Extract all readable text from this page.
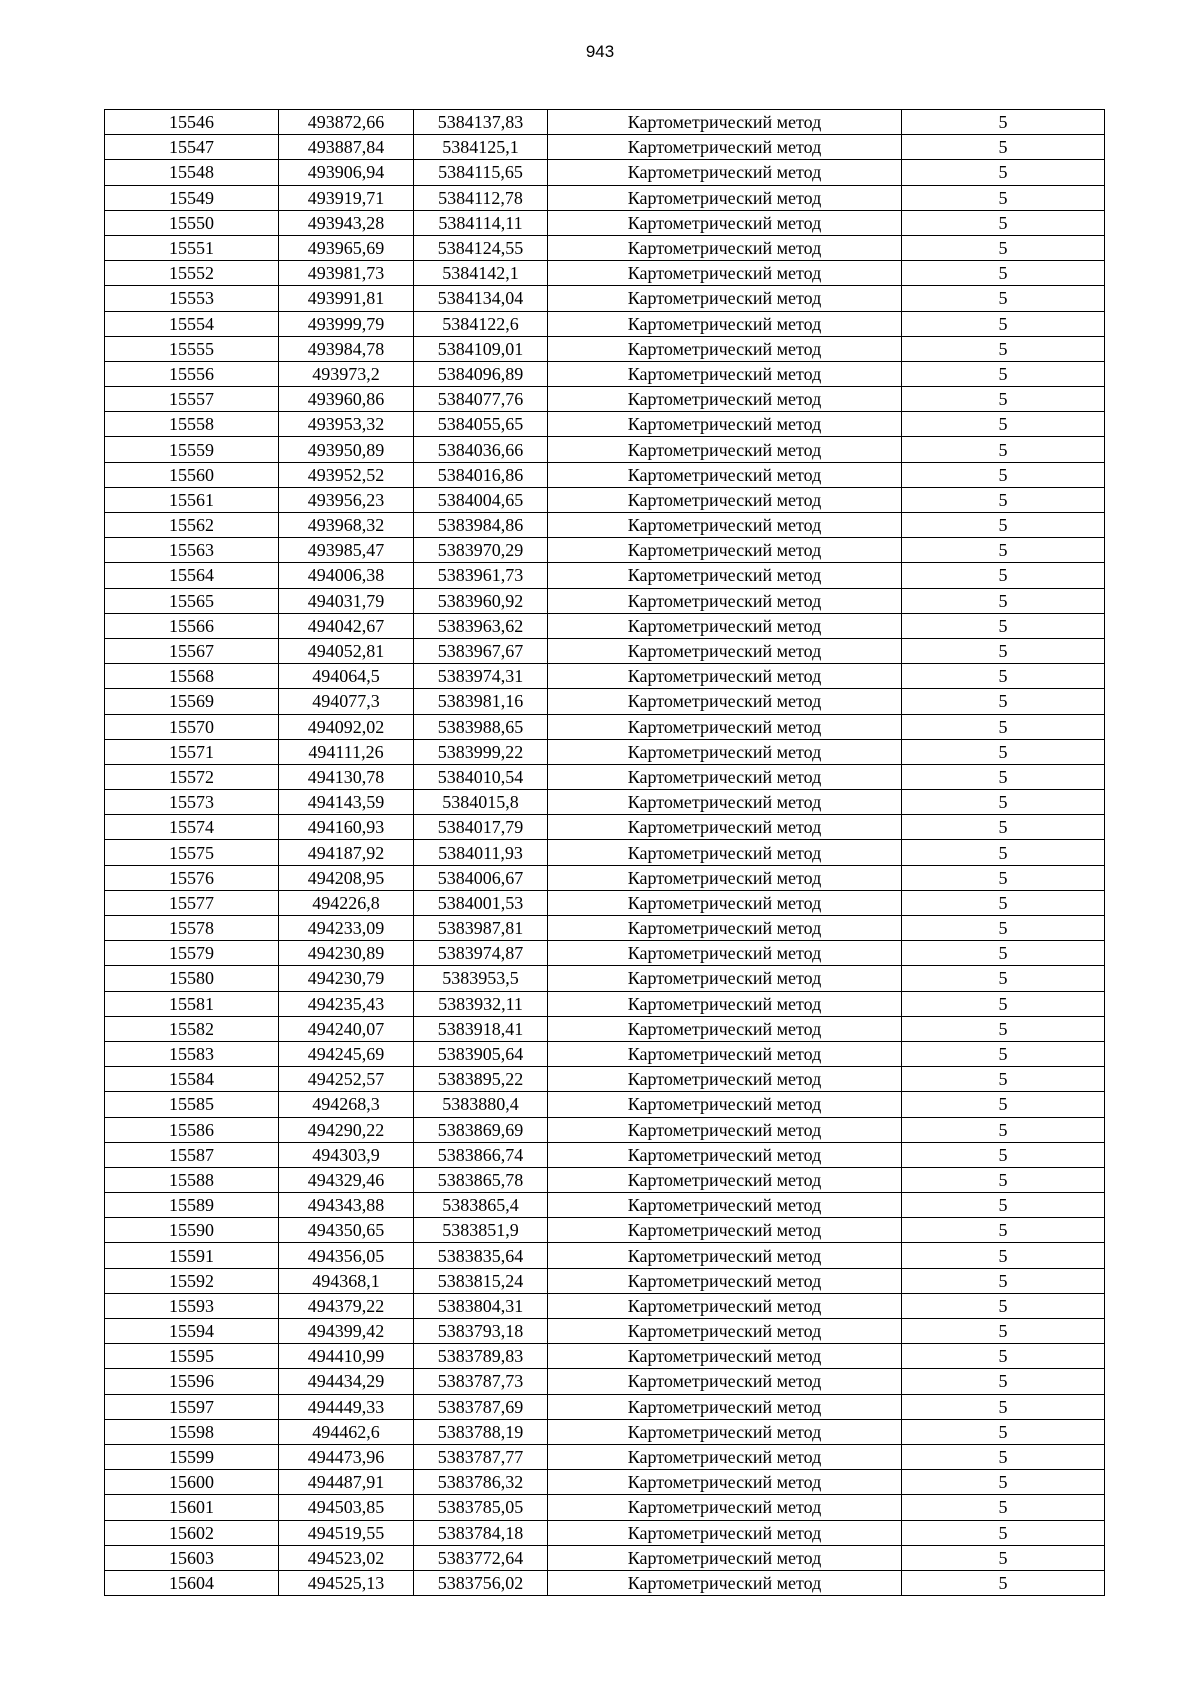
943
15546	493872,66	5384137,83	Картометрический метод	5
15547	493887,84	5384125,1	Картометрический метод	5
15548	493906,94	5384115,65	Картометрический метод	5
15549	493919,71	5384112,78	Картометрический метод	5
15550	493943,28	5384114,11	Картометрический метод	5
15551	493965,69	5384124,55	Картометрический метод	5
15552	493981,73	5384142,1	Картометрический метод	5
15553	493991,81	5384134,04	Картометрический метод	5
15554	493999,79	5384122,6	Картометрический метод	5
15555	493984,78	5384109,01	Картометрический метод	5
15556	493973,2	5384096,89	Картометрический метод	5
15557	493960,86	5384077,76	Картометрический метод	5
15558	493953,32	5384055,65	Картометрический метод	5
15559	493950,89	5384036,66	Картометрический метод	5
15560	493952,52	5384016,86	Картометрический метод	5
15561	493956,23	5384004,65	Картометрический метод	5
15562	493968,32	5383984,86	Картометрический метод	5
15563	493985,47	5383970,29	Картометрический метод	5
15564	494006,38	5383961,73	Картометрический метод	5
15565	494031,79	5383960,92	Картометрический метод	5
15566	494042,67	5383963,62	Картометрический метод	5
15567	494052,81	5383967,67	Картометрический метод	5
15568	494064,5	5383974,31	Картометрический метод	5
15569	494077,3	5383981,16	Картометрический метод	5
15570	494092,02	5383988,65	Картометрический метод	5
15571	494111,26	5383999,22	Картометрический метод	5
15572	494130,78	5384010,54	Картометрический метод	5
15573	494143,59	5384015,8	Картометрический метод	5
15574	494160,93	5384017,79	Картометрический метод	5
15575	494187,92	5384011,93	Картометрический метод	5
15576	494208,95	5384006,67	Картометрический метод	5
15577	494226,8	5384001,53	Картометрический метод	5
15578	494233,09	5383987,81	Картометрический метод	5
15579	494230,89	5383974,87	Картометрический метод	5
15580	494230,79	5383953,5	Картометрический метод	5
15581	494235,43	5383932,11	Картометрический метод	5
15582	494240,07	5383918,41	Картометрический метод	5
15583	494245,69	5383905,64	Картометрический метод	5
15584	494252,57	5383895,22	Картометрический метод	5
15585	494268,3	5383880,4	Картометрический метод	5
15586	494290,22	5383869,69	Картометрический метод	5
15587	494303,9	5383866,74	Картометрический метод	5
15588	494329,46	5383865,78	Картометрический метод	5
15589	494343,88	5383865,4	Картометрический метод	5
15590	494350,65	5383851,9	Картометрический метод	5
15591	494356,05	5383835,64	Картометрический метод	5
15592	494368,1	5383815,24	Картометрический метод	5
15593	494379,22	5383804,31	Картометрический метод	5
15594	494399,42	5383793,18	Картометрический метод	5
15595	494410,99	5383789,83	Картометрический метод	5
15596	494434,29	5383787,73	Картометрический метод	5
15597	494449,33	5383787,69	Картометрический метод	5
15598	494462,6	5383788,19	Картометрический метод	5
15599	494473,96	5383787,77	Картометрический метод	5
15600	494487,91	5383786,32	Картометрический метод	5
15601	494503,85	5383785,05	Картометрический метод	5
15602	494519,55	5383784,18	Картометрический метод	5
15603	494523,02	5383772,64	Картометрический метод	5
15604	494525,13	5383756,02	Картометрический метод	5
